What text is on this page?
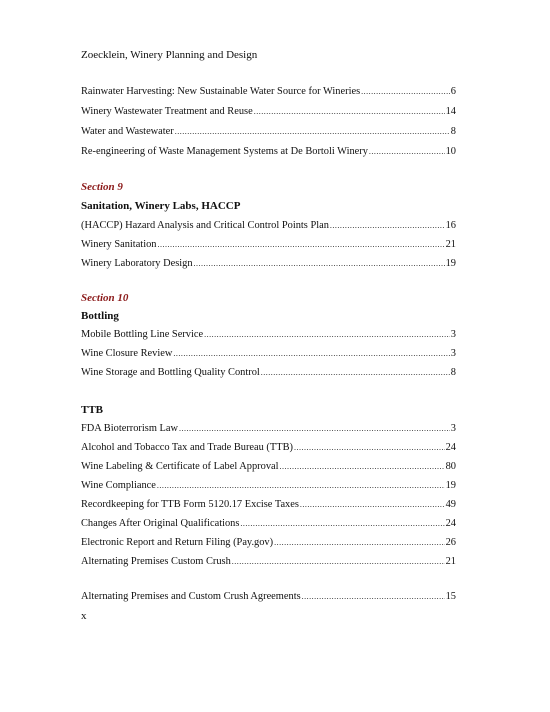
Zoecklein, Winery Planning and Design
Rainwater Harvesting: New Sustainable Water Source for Wineries .....	6
Winery Wastewater Treatment and Reuse .....	14
Water and Wastewater .....	8
Re-engineering of Waste Management Systems at De Bortoli Winery .....	10
Section 9
Sanitation, Winery Labs, HACCP
(HACCP) Hazard Analysis and Critical Control Points Plan .....	16
Winery Sanitation .....	21
Winery Laboratory Design .....	19
Section 10
Bottling
Mobile Bottling Line Service .....	3
Wine Closure Review .....	3
Wine Storage and Bottling Quality Control .....	8
TTB
FDA Bioterrorism Law .....	3
Alcohol and Tobacco Tax and Trade Bureau (TTB) .....	24
Wine Labeling & Certificate of Label Approval .....	80
Wine Compliance .....	19
Recordkeeping for TTB Form 5120.17 Excise Taxes .....	49
Changes After Original Qualifications .....	24
Electronic Report and Return Filing (Pay.gov) .....	26
Alternating Premises Custom Crush .....	21
Alternating Premises and Custom Crush Agreements .....	15
x
